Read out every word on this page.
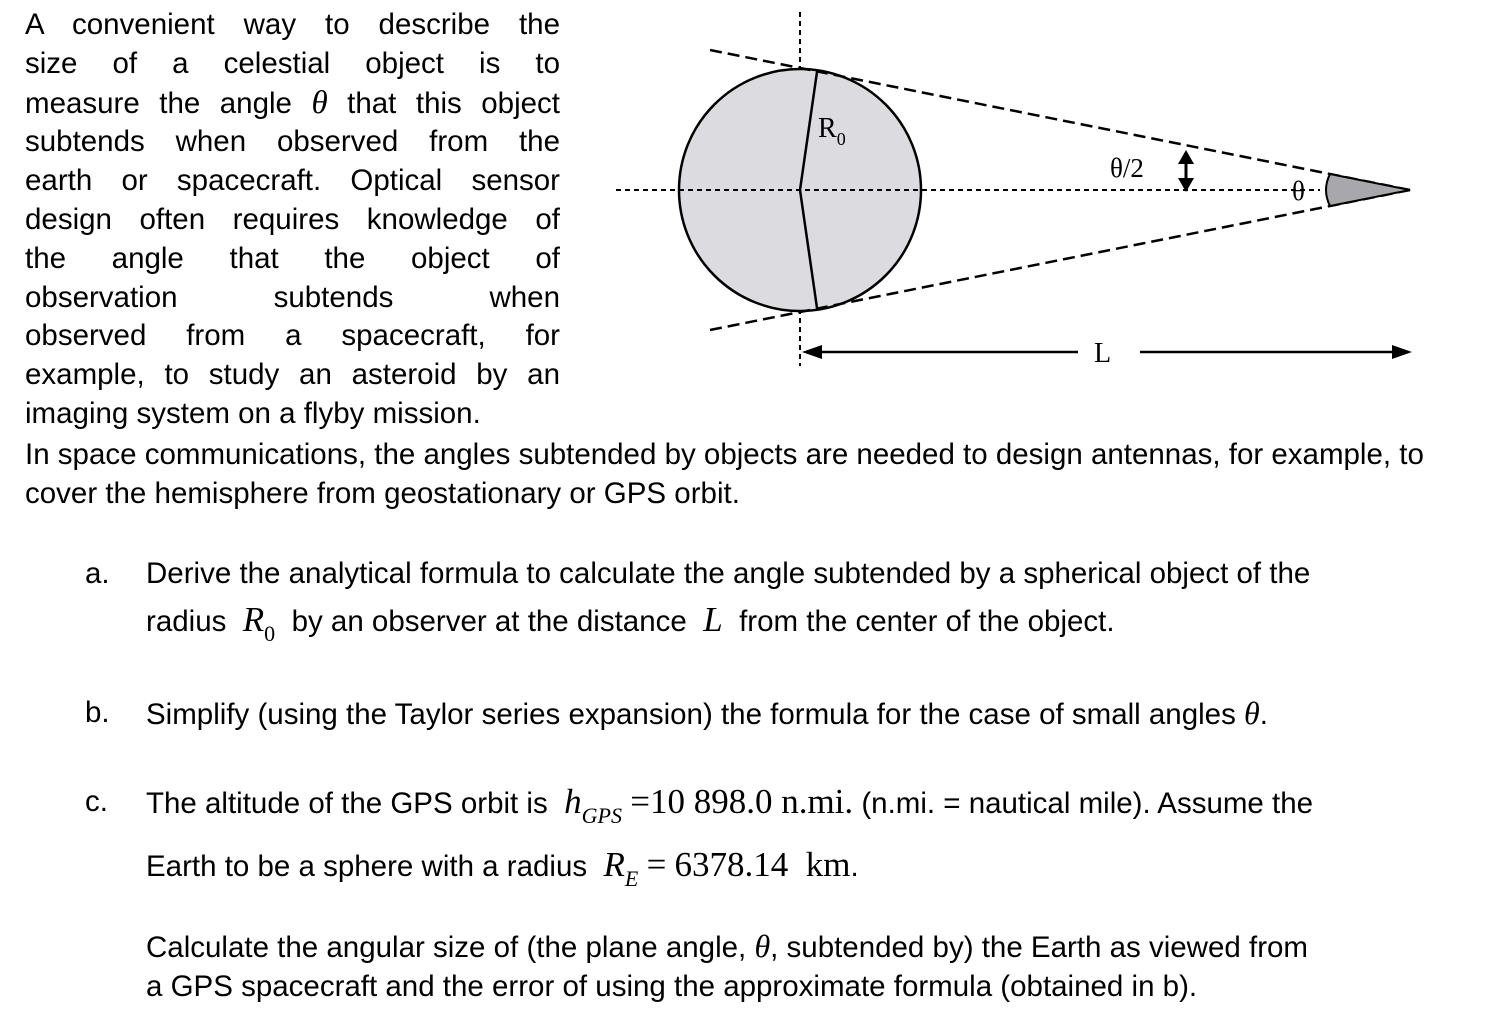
A convenient way to describe the
size of a celestial object is to
measure the angle θ that this object
subtends when observed from the
earth or spacecraft. Optical sensor
design often requires knowledge of
the angle that the object of
observation subtends when
observed from a spacecraft, for
example, to study an asteroid by an
imaging system on a flyby mission.
$R_0$
θ/2
θ
L
In space communications, the angles subtended by objects are needed to design antennas, for example, to cover the hemisphere from geostationary or GPS orbit.
a. Derive the analytical formula to calculate the angle subtended by a spherical object of the
radius $R_0$ by an observer at the distance L from the center of the object.
b. Simplify (using the Taylor series expansion) the formula for the case of small angles θ.
c. The altitude of the GPS orbit is $h_{GPS} =10$ 898.0 n.mi. (n.mi. = nautical mile). Assume the
Earth to be a sphere with a radius $R_E = 6378.14$  km.
Calculate the angular size of (the plane angle, θ, subtended by) the Earth as viewed from
a GPS spacecraft and the error of using the approximate formula (obtained in b).
